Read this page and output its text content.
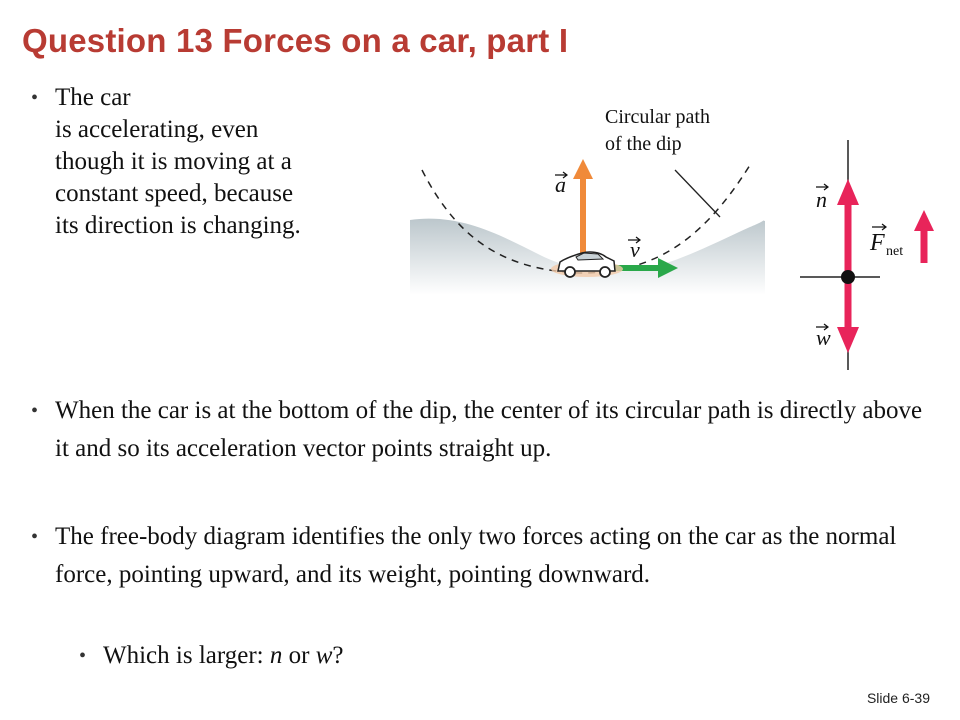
Question 13 Forces on a car, part I
• The car
is accelerating, even
though it is moving at a
constant speed, because
its direction is changing.
Circular path
of the dip
a
v
n
w
F net
• When the car is at the bottom of the dip, the center of its circular path is directly above it and so its acceleration vector points straight up.
• The free-body diagram identifies the only two forces acting on the car as the normal force, pointing upward, and its weight, pointing downward.
• Which is larger: n or w?
Slide 6-39
